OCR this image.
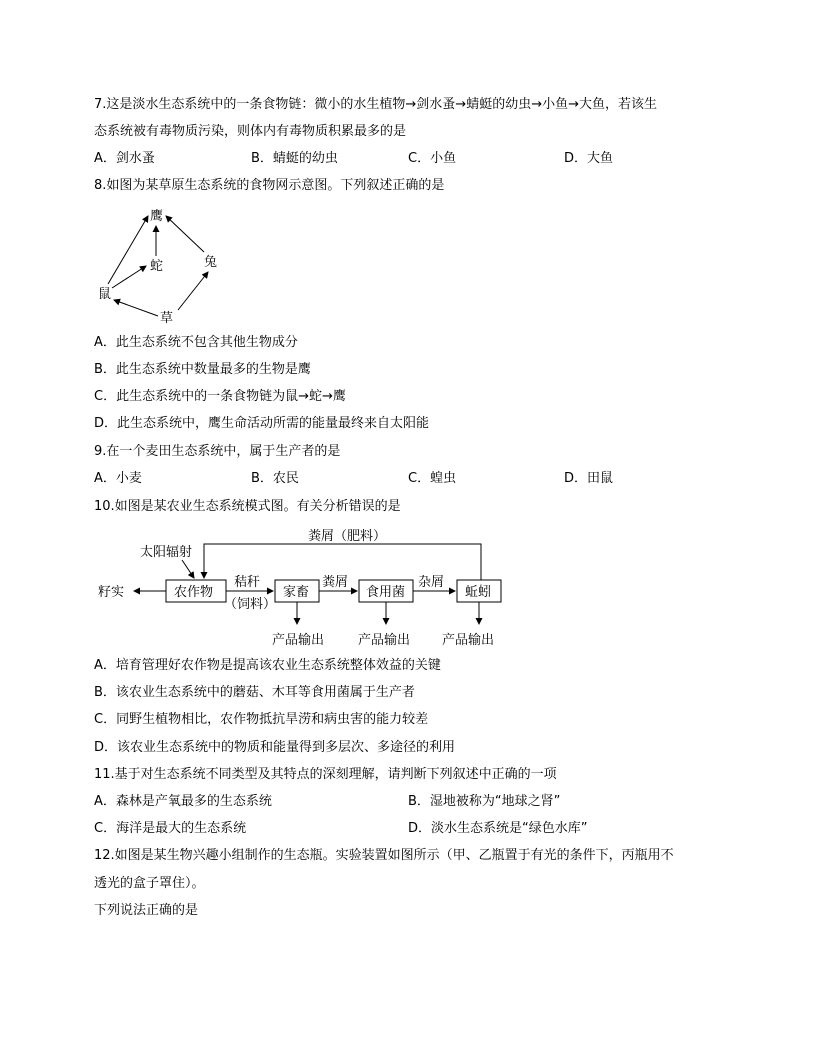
7.这是淡水生态系统中的一条食物链：微小的水生植物→剑水蚤→蜻蜓的幼虫→小鱼→大鱼，若该生
态系统被有毒物质污染，则体内有毒物质积累最多的是
A．剑水蚤	B．蜻蜓的幼虫	C．小鱼	D．大鱼
8.如图为某草原生态系统的食物网示意图。下列叙述正确的是
鹰
蛇	兔
鼠
草
A．此生态系统不包含其他生物成分
B．此生态系统中数量最多的生物是鹰
C．此生态系统中的一条食物链为鼠→蛇→鹰
D．此生态系统中，鹰生命活动所需的能量最终来自太阳能
9.在一个麦田生态系统中，属于生产者的是
A．小麦	B．农民	C．蝗虫	D．田鼠
10.如图是某农业生态系统模式图。有关分析错误的是
粪屑（肥料）
太阳辐射
农作物	家畜	食用菌	蚯蚓
籽实
秸秆
（饲料）
粪屑	杂屑
产品输出	产品输出 产品输出
A．培育管理好农作物是提高该农业生态系统整体效益的关键
B．该农业生态系统中的蘑菇、木耳等食用菌属于生产者
C．同野生植物相比，农作物抵抗旱涝和病虫害的能力较差
D．该农业生态系统中的物质和能量得到多层次、多途径的利用
11.基于对生态系统不同类型及其特点的深刻理解，请判断下列叙述中正确的一项
A．森林是产氧最多的生态系统	B．湿地被称为“地球之肾”
C．海洋是最大的生态系统	D．淡水生态系统是“绿色水库”
12.如图是某生物兴趣小组制作的生态瓶。实验装置如图所示（甲、乙瓶置于有光的条件下，丙瓶用不
透光的盒子罩住）。
下列说法正确的是
